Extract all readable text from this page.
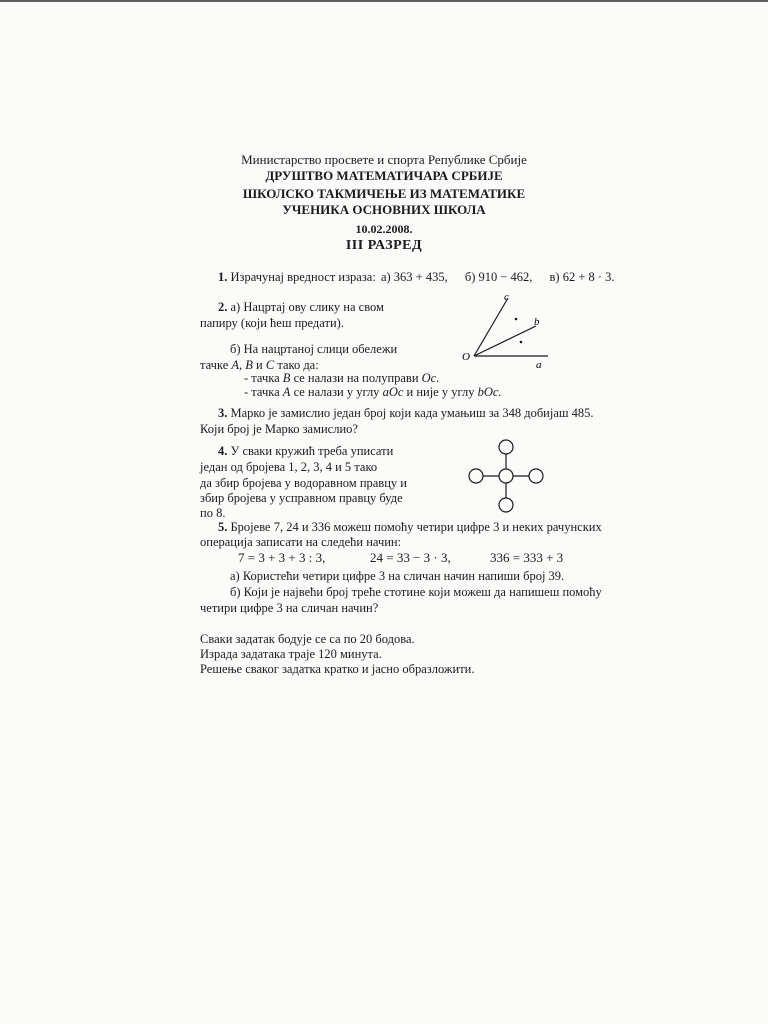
Министарство просвете и спорта Републике Србије
ДРУШТВО МАТЕМАТИЧАРА СРБИЈЕ
ШКОЛСКО ТАКМИЧЕЊЕ ИЗ МАТЕМАТИКЕ
УЧЕНИКА ОСНОВНИХ ШКОЛА
10.02.2008.
III РАЗРЕД
1. Израчунај вредност израза: а) 363 + 435, б) 910 − 462, в) 62 + 8 · 3.
2. а) Нацртај ову слику на свом
папиру (који ћеш предати).
б) На нацртаној слици обележи
тачке A, B и C тако да:
- тачка B се налази на полуправи Oc.
- тачка A се налази у углу aOc и није у углу bOc.
O
a
b
c
3. Марко је замислио један број који када умањиш за 348 добијаш 485.
Који број је Марко замислио?
4. У сваки кружић треба уписати
један од бројева 1, 2, 3, 4 и 5 тако
да збир бројева у водоравном правцу и
збир бројева у усправном правцу буде
по 8.
5. Бројеве 7, 24 и 336 можеш помоћу четири цифре 3 и неких рачунских
операција записати на следећи начин:
7 = 3 + 3 + 3 : 3,	24 = 33 − 3 · 3,	336 = 333 + 3
а) Користећи четири цифре 3 на сличан начин напиши број 39.
б) Који је највећи број треће стотине који можеш да напишеш помоћу
четири цифре 3 на сличан начин?
Сваки задатак бодује се са по 20 бодова.
Израда задатака траје 120 минута.
Решење сваког задатка кратко и јасно образложити.
